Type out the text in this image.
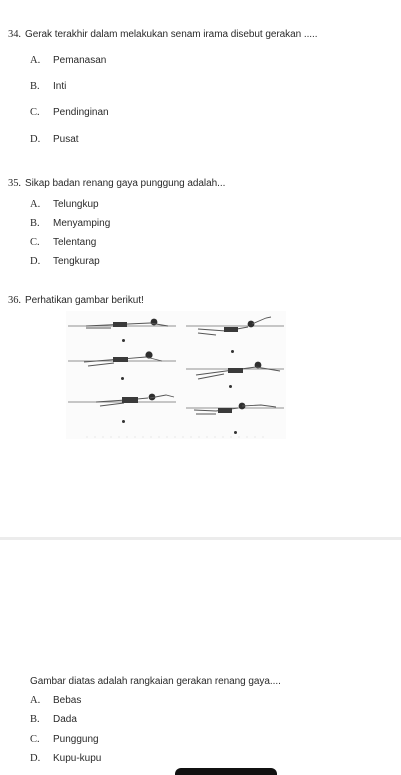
34. Gerak terakhir dalam melakukan senam irama disebut gerakan .....
A. Pemanasan
B. Inti
C. Pendinginan
D. Pusat
35. Sikap badan renang gaya punggung adalah...
A. Telungkup
B. Menyamping
C. Telentang
D. Tengkurap
36. Perhatikan gambar berikut!
Gambar diatas adalah rangkaian gerakan renang gaya....
A. Bebas
B. Dada
C. Punggung
D. Kupu-kupu
